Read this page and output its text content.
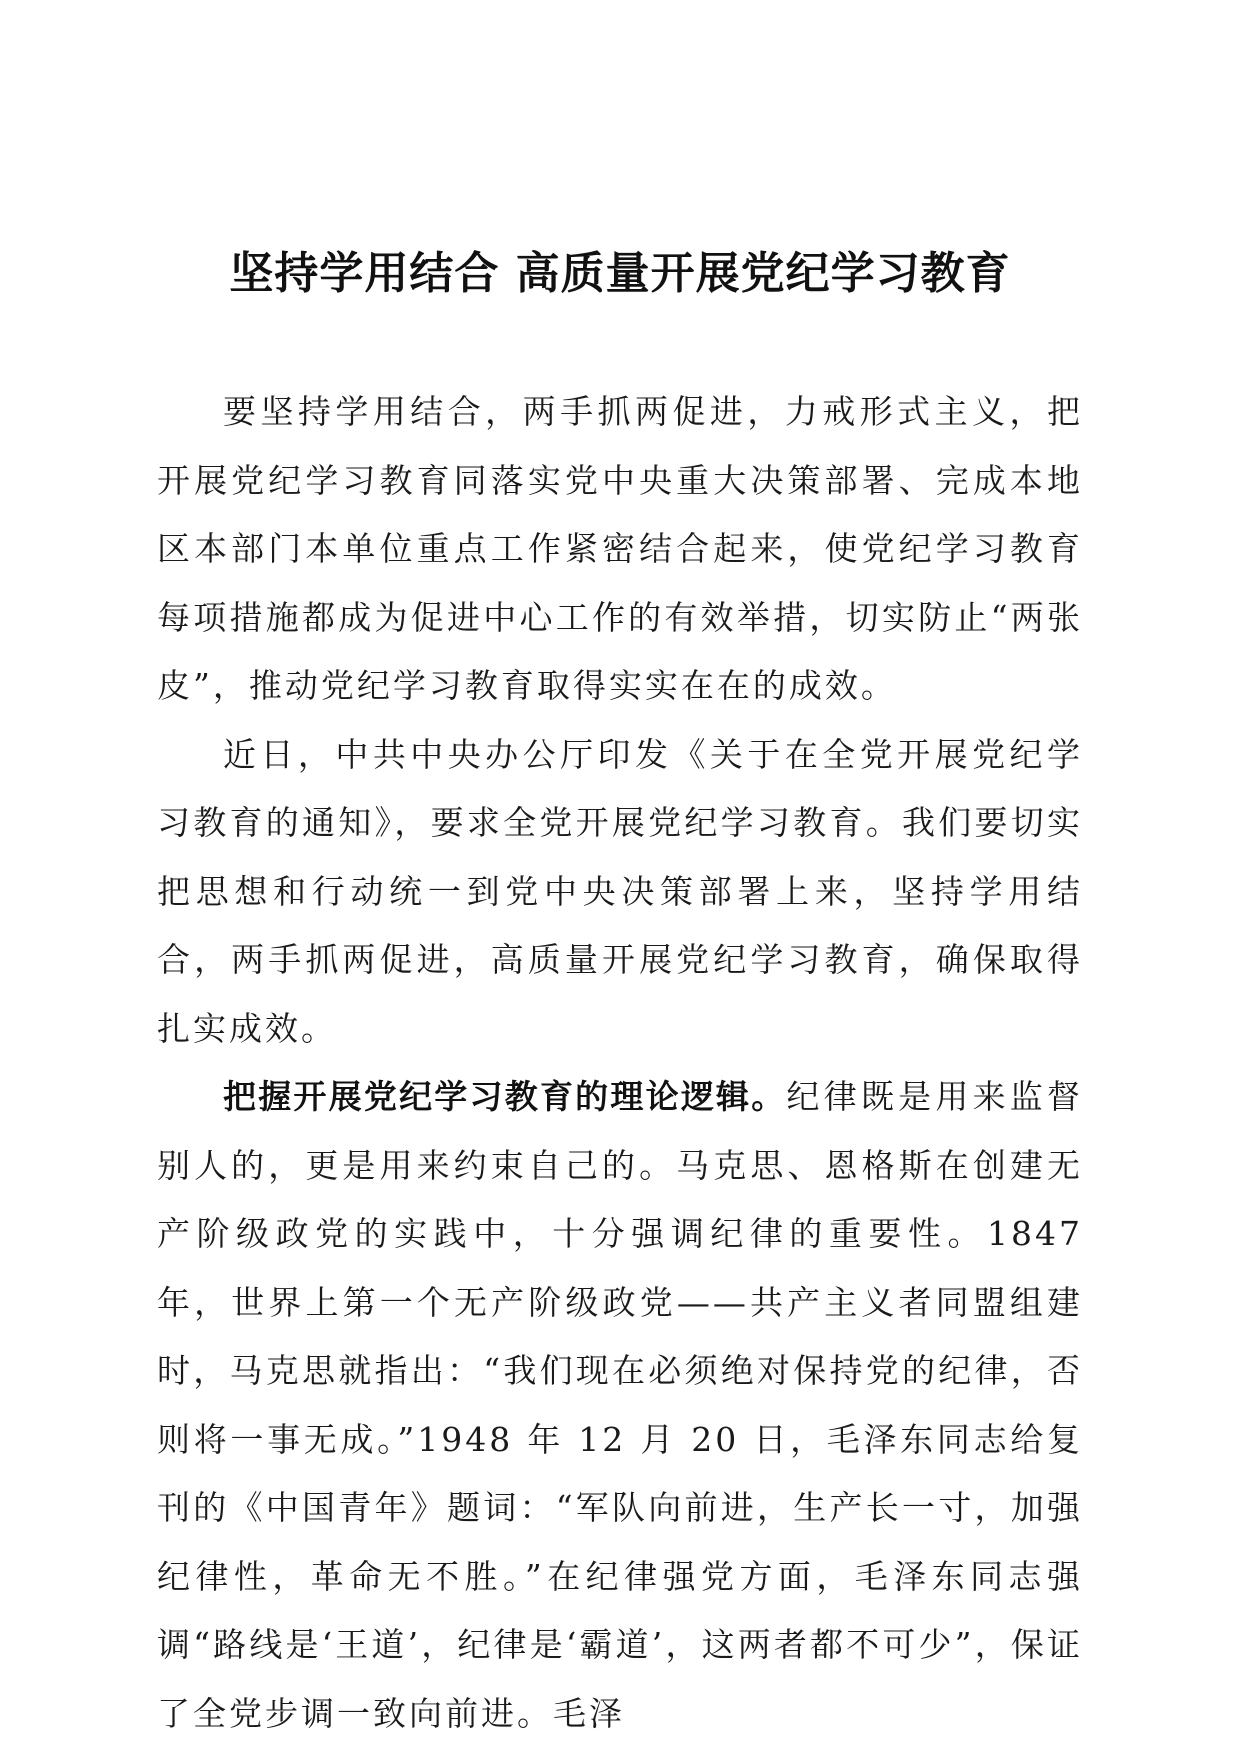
坚持学用结合 高质量开展党纪学习教育

要坚持学用结合，两手抓两促进，力戒形式主义，把开展党纪学习教育同落实党中央重大决策部署、完成本地区本部门本单位重点工作紧密结合起来，使党纪学习教育每项措施都成为促进中心工作的有效举措，切实防止“两张皮”，推动党纪学习教育取得实实在在的成效。

近日，中共中央办公厅印发《关于在全党开展党纪学习教育的通知》，要求全党开展党纪学习教育。我们要切实把思想和行动统一到党中央决策部署上来，坚持学用结合，两手抓两促进，高质量开展党纪学习教育，确保取得扎实成效。

把握开展党纪学习教育的理论逻辑。纪律既是用来监督别人的，更是用来约束自己的。马克思、恩格斯在创建无产阶级政党的实践中，十分强调纪律的重要性。1847 年，世界上第一个无产阶级政党——共产主义者同盟组建时，马克思就指出：“我们现在必须绝对保持党的纪律，否则将一事无成。”1948 年 12 月 20 日，毛泽东同志给复刊的《中国青年》题词：“军队向前进，生产长一寸，加强纪律性，革命无不胜。”在纪律强党方面，毛泽东同志强调“路线是‘王道’，纪律是‘霸道’，这两者都不可少”，保证了全党步调一致向前进。毛泽
